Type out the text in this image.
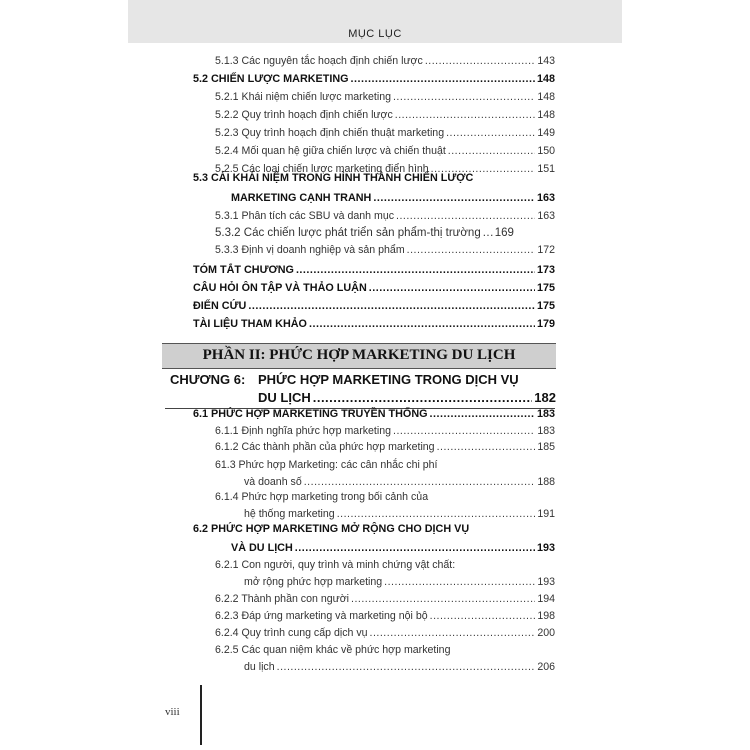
MỤC LỤC
5.1.3 Các nguyên tắc hoạch định chiến lược .....	143
5.2 CHIẾN LƯỢC MARKETING .....	148
5.2.1 Khái niệm chiến lược marketing .....	148
5.2.2 Quy trình hoạch định chiến lược .....	148
5.2.3 Quy trình hoạch định chiến thuật marketing .....	149
5.2.4 Mối quan hệ giữa chiến lược và chiến thuật .....	150
5.2.5 Các loại chiến lược marketing điển hình .....	151
5.3 CÁI KHÁI NIỆM TRONG HÌNH THÀNH CHIẾN LƯỢC
MARKETING CẠNH TRANH .....	163
5.3.1 Phân tích các SBU và danh mục .....	163
5.3.2 Các chiến lược phát triển sản phẩm-thị trường ..... 169
5.3.3 Định vị doanh nghiệp và sản phẩm .....	172
TÓM TẮT CHƯƠNG .....	173
CÂU HỎI ÔN TẬP VÀ THẢO LUẬN .....	175
ĐIỂN CỨU .....	175
TÀI LIỆU THAM KHẢO .....	179
PHẦN II: PHỨC HỢP MARKETING DU LỊCH
CHƯƠNG 6: PHỨC HỢP MARKETING TRONG DỊCH VỤ
DU LỊCH .....	182
6.1 PHỨC HỢP MARKETING TRUYỀN THỐNG .....	183
6.1.1 Định nghĩa phức hợp marketing .....	183
6.1.2 Các thành phần của phức hợp marketing .....	185
61.3 Phức hợp Marketing: các cân nhắc chi phí
và doanh số .....	188
6.1.4 Phức hợp marketing trong bối cảnh của
hệ thống marketing .....	191
6.2 PHỨC HỢP MARKETING MỞ RỘNG CHO DỊCH VỤ
VÀ DU LỊCH .....	193
6.2.1 Con người, quy trình và minh chứng vật chất:
mở rộng phức hợp marketing .....	193
6.2.2 Thành phần con người .....	194
6.2.3 Đáp ứng marketing và marketing nội bộ .....	198
6.2.4 Quy trình cung cấp dịch vụ .....	200
6.2.5 Các quan niệm khác về phức hợp marketing
du lịch .....	206
viii
